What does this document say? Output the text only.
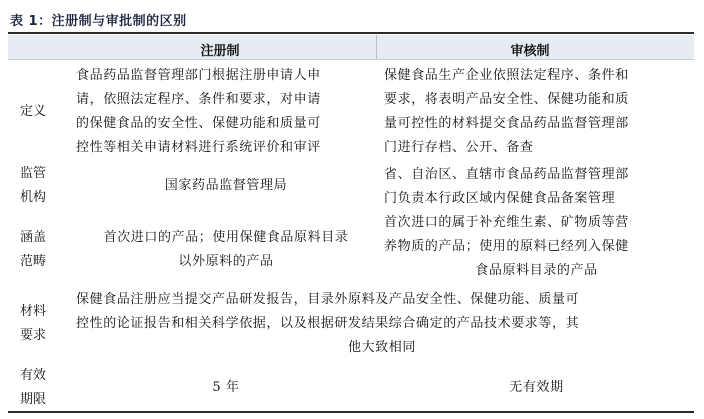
表 1：注册制与审批制的区别
注册制	审核制
定义
食品药品监督管理部门根据注册申请人申
请，依照法定程序、条件和要求，对申请
的保健食品的安全性、保健功能和质量可
控性等相关申请材料进行系统评价和审评
保健食品生产企业依照法定程序、条件和
要求，将表明产品安全性、保健功能和质
量可控性的材料提交食品药品监督管理部
门进行存档、公开、备查
监管
机构
国家药品监督管理局
省、自治区、直辖市食品药品监督管理部
门负责本行政区域内保健食品备案管理
涵盖
范畴
首次进口的产品；使用保健食品原料目录
以外原料的产品
首次进口的属于补充维生素、矿物质等营
养物质的产品；使用的原料已经列入保健
食品原料目录的产品
材料
要求
保健食品注册应当提交产品研发报告，目录外原料及产品安全性、保健功能、质量可
控性的论证报告和相关科学依据，以及根据研发结果综合确定的产品技术要求等，其
他大致相同
有效
期限
5 年	无有效期
